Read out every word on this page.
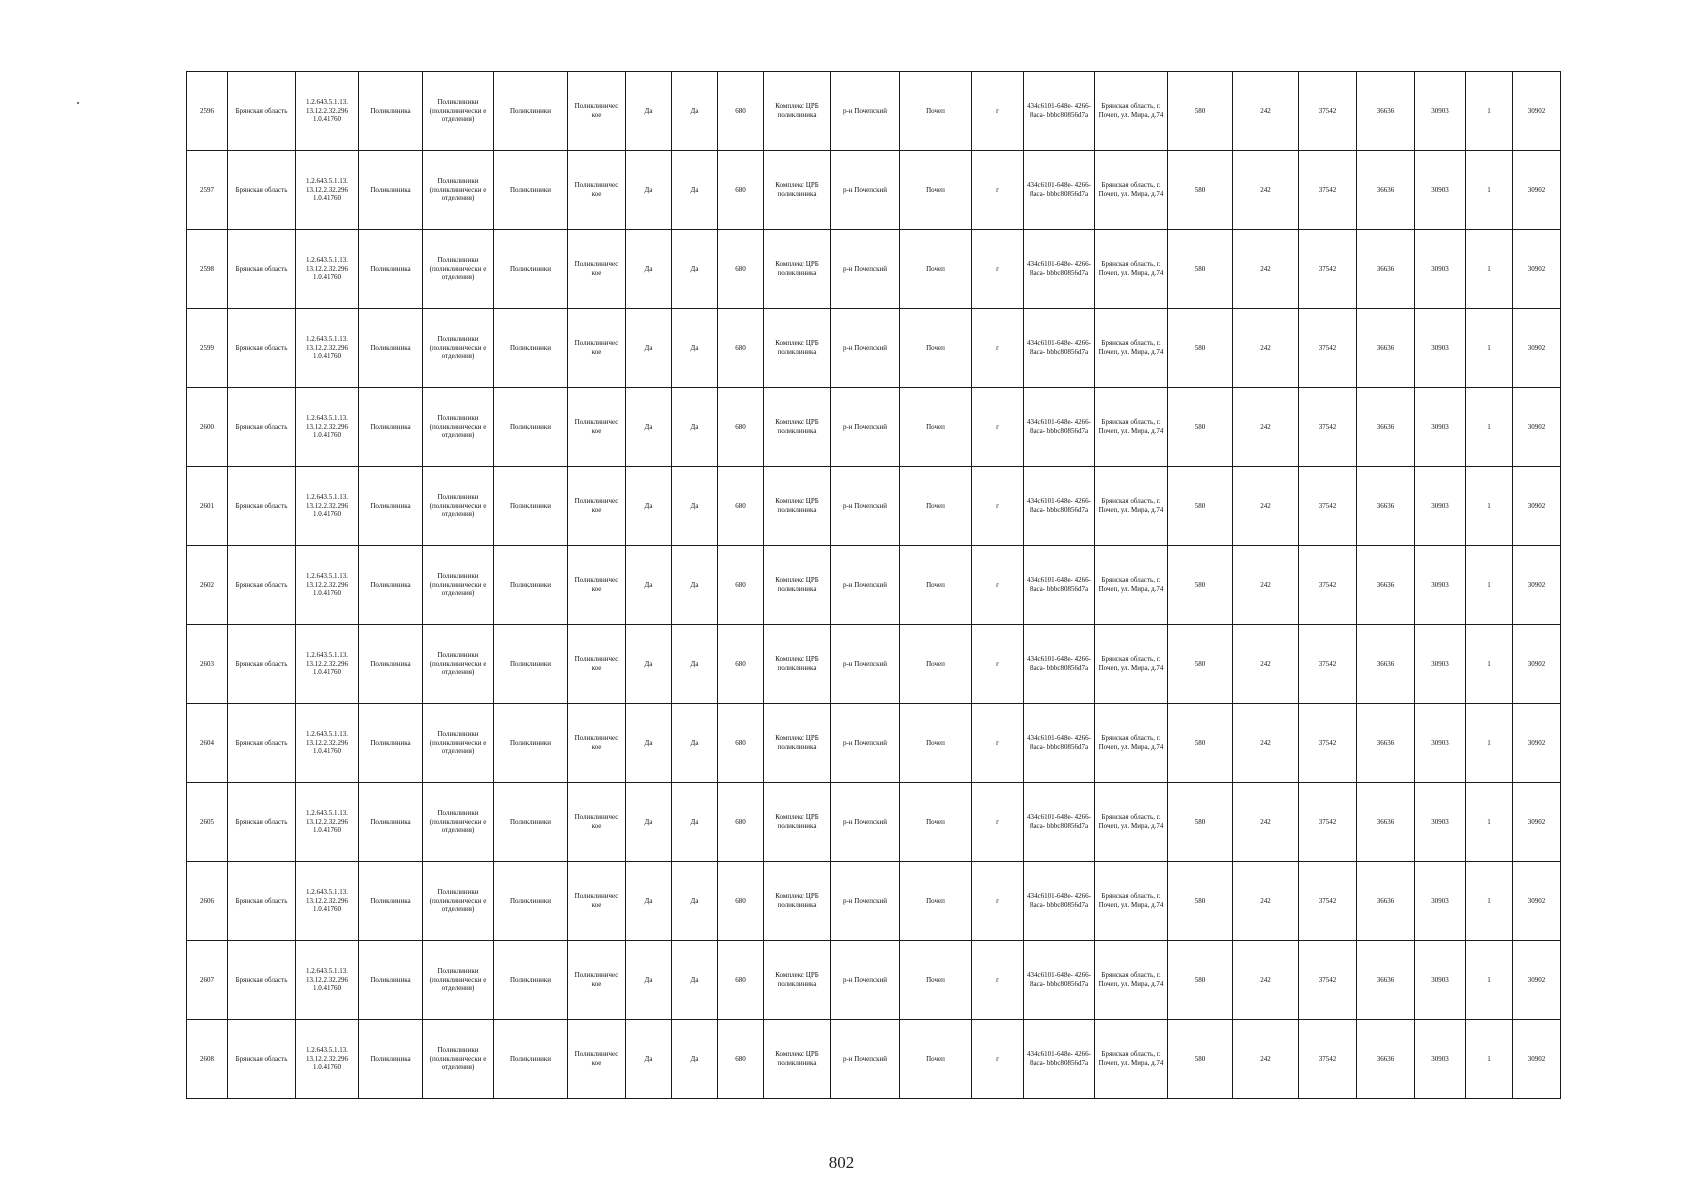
2596	Брянская область	1.2.643.5.1.13. 13.12.2.32.296 1.0.41760	Поликлиника	Поликлиники (поликлинически е отделения)	Поликлиники	Поликлиничес кое	Да	Да	680	Комплекс ЦРБ поликлиника	р-н Почепский	Почеп	г	434c6101-648e- 4266-8aca- bbbc80856d7a	Брянская область, г. Почеп, ул. Мира, д.74	580	242	37542	36636	30903	1	30902
2597	Брянская область	1.2.643.5.1.13. 13.12.2.32.296 1.0.41760	Поликлиника	Поликлиники (поликлинически е отделения)	Поликлиники	Поликлиничес кое	Да	Да	680	Комплекс ЦРБ поликлиника	р-н Почепский	Почеп	г	434c6101-648e- 4266-8aca- bbbc80856d7a	Брянская область, г. Почеп, ул. Мира, д.74	580	242	37542	36636	30903	1	30902
2598	Брянская область	1.2.643.5.1.13. 13.12.2.32.296 1.0.41760	Поликлиника	Поликлиники (поликлинически е отделения)	Поликлиники	Поликлиничес кое	Да	Да	680	Комплекс ЦРБ поликлиника	р-н Почепский	Почеп	г	434c6101-648e- 4266-8aca- bbbc80856d7a	Брянская область, г. Почеп, ул. Мира, д.74	580	242	37542	36636	30903	1	30902
2599	Брянская область	1.2.643.5.1.13. 13.12.2.32.296 1.0.41760	Поликлиника	Поликлиники (поликлинически е отделения)	Поликлиники	Поликлиничес кое	Да	Да	680	Комплекс ЦРБ поликлиника	р-н Почепский	Почеп	г	434c6101-648e- 4266-8aca- bbbc80856d7a	Брянская область, г. Почеп, ул. Мира, д.74	580	242	37542	36636	30903	1	30902
2600	Брянская область	1.2.643.5.1.13. 13.12.2.32.296 1.0.41760	Поликлиника	Поликлиники (поликлинически е отделения)	Поликлиники	Поликлиничес кое	Да	Да	680	Комплекс ЦРБ поликлиника	р-н Почепский	Почеп	г	434c6101-648e- 4266-8aca- bbbc80856d7a	Брянская область, г. Почеп, ул. Мира, д.74	580	242	37542	36636	30903	1	30902
2601	Брянская область	1.2.643.5.1.13. 13.12.2.32.296 1.0.41760	Поликлиника	Поликлиники (поликлинически е отделения)	Поликлиники	Поликлиничес кое	Да	Да	680	Комплекс ЦРБ поликлиника	р-н Почепский	Почеп	г	434c6101-648e- 4266-8aca- bbbc80856d7a	Брянская область, г. Почеп, ул. Мира, д.74	580	242	37542	36636	30903	1	30902
2602	Брянская область	1.2.643.5.1.13. 13.12.2.32.296 1.0.41760	Поликлиника	Поликлиники (поликлинически е отделения)	Поликлиники	Поликлиничес кое	Да	Да	680	Комплекс ЦРБ поликлиника	р-н Почепский	Почеп	г	434c6101-648e- 4266-8aca- bbbc80856d7a	Брянская область, г. Почеп, ул. Мира, д.74	580	242	37542	36636	30903	1	30902
2603	Брянская область	1.2.643.5.1.13. 13.12.2.32.296 1.0.41760	Поликлиника	Поликлиники (поликлинически е отделения)	Поликлиники	Поликлиничес кое	Да	Да	680	Комплекс ЦРБ поликлиника	р-н Почепский	Почеп	г	434c6101-648e- 4266-8aca- bbbc80856d7a	Брянская область, г. Почеп, ул. Мира, д.74	580	242	37542	36636	30903	1	30902
2604	Брянская область	1.2.643.5.1.13. 13.12.2.32.296 1.0.41760	Поликлиника	Поликлиники (поликлинически е отделения)	Поликлиники	Поликлиничес кое	Да	Да	680	Комплекс ЦРБ поликлиника	р-н Почепский	Почеп	г	434c6101-648e- 4266-8aca- bbbc80856d7a	Брянская область, г. Почеп, ул. Мира, д.74	580	242	37542	36636	30903	1	30902
2605	Брянская область	1.2.643.5.1.13. 13.12.2.32.296 1.0.41760	Поликлиника	Поликлиники (поликлинически е отделения)	Поликлиники	Поликлиничес кое	Да	Да	680	Комплекс ЦРБ поликлиника	р-н Почепский	Почеп	г	434c6101-648e- 4266-8aca- bbbc80856d7a	Брянская область, г. Почеп, ул. Мира, д.74	580	242	37542	36636	30903	1	30902
2606	Брянская область	1.2.643.5.1.13. 13.12.2.32.296 1.0.41760	Поликлиника	Поликлиники (поликлинически е отделения)	Поликлиники	Поликлиничес кое	Да	Да	680	Комплекс ЦРБ поликлиника	р-н Почепский	Почеп	г	434c6101-648e- 4266-8aca- bbbc80856d7a	Брянская область, г. Почеп, ул. Мира, д.74	580	242	37542	36636	30903	1	30902
2607	Брянская область	1.2.643.5.1.13. 13.12.2.32.296 1.0.41760	Поликлиника	Поликлиники (поликлинически е отделения)	Поликлиники	Поликлиничес кое	Да	Да	680	Комплекс ЦРБ поликлиника	р-н Почепский	Почеп	г	434c6101-648e- 4266-8aca- bbbc80856d7a	Брянская область, г. Почеп, ул. Мира, д.74	580	242	37542	36636	30903	1	30902
2608	Брянская область	1.2.643.5.1.13. 13.12.2.32.296 1.0.41760	Поликлиника	Поликлиники (поликлинически е отделения)	Поликлиники	Поликлиничес кое	Да	Да	680	Комплекс ЦРБ поликлиника	р-н Почепский	Почеп	г	434c6101-648e- 4266-8aca- bbbc80856d7a	Брянская область, г. Почеп, ул. Мира, д.74	580	242	37542	36636	30903	1	30902
802
